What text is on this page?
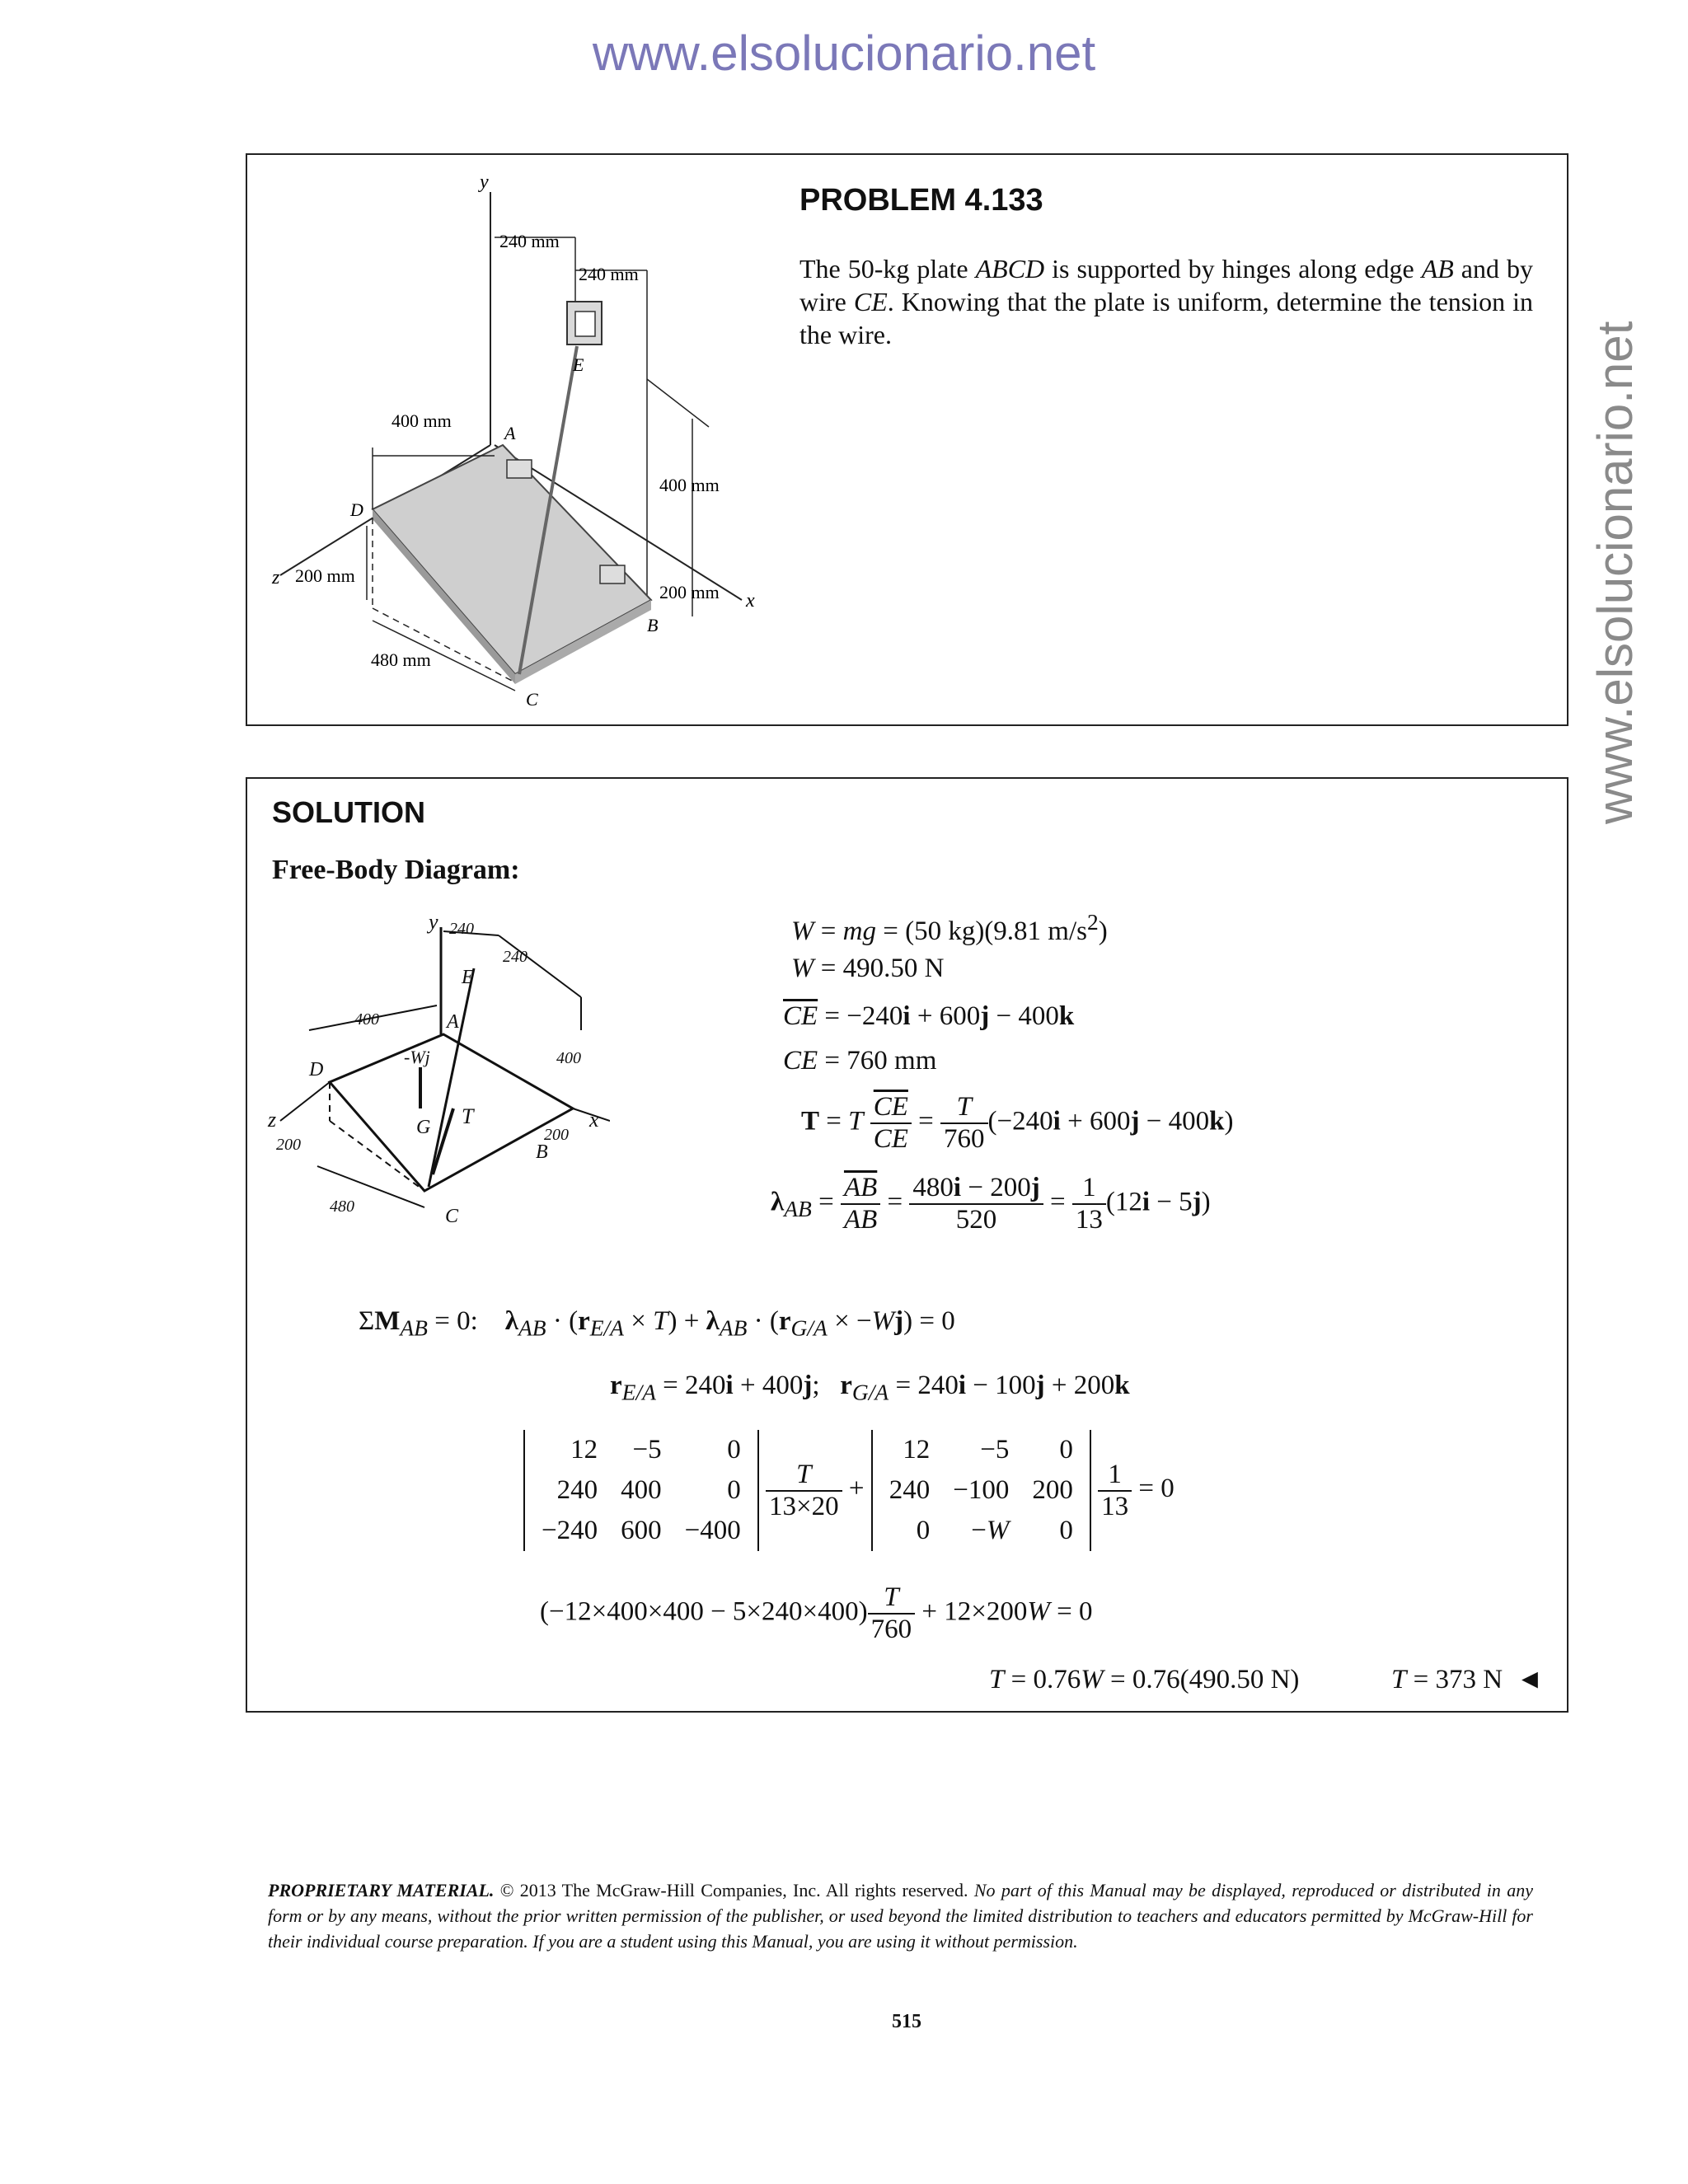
www.elsolucionario.net
www.elsolucionario.net
y
x
z
240 mm
240 mm
400 mm
400 mm
200 mm
200 mm
480 mm
A
B
C
D
E
PROBLEM 4.133
The 50-kg plate ABCD is supported by hinges along edge AB and by wire CE. Knowing that the plate is uniform, determine the tension in the wire.
SOLUTION
Free-Body Diagram:
y
x
z
A
B
C
D
E
G T
-Wj
240
240
400
400
200
200
480
W = mg = (50 kg)(9.81 $m/s^2$)
W = 490.50 N
$\overline{CE} = -240i + 600j - 400k$
CE = 760 mm
T = T $\frac{\overline{CE}}{CE} = \frac{T}{760} (-240i + 600j - 400k)$
$\lambda_{AB} = \frac{\overline{AB}}{AB} = \frac{480i - 200j}{520} = \frac{1}{13} (12i - 5j)$
$\Sigma M_{AB} = 0$:    $\lambda_{AB} \cdot (r_{E/A} \times T) + \lambda_{AB} \cdot (r_{G/A} \times -Wj) = 0$
$r_{E/A} = 240i + 400j$;   $r_{G/A} = 240i - 100j + 200k$
12	−5	0
240	400	0
−240	600	−400

$\frac{T}{13\times 20}$ +
12	−5	0
240	−100	200
0	−W	0

$\frac{1}{13} = 0$
$(-12\times 400\times 400 - 5\times 240\times 400) \frac{T}{760} + 12\times 200W = 0$
T = 0.76W = 0.76(490.50 N)	T = 373 N  ◄
PROPRIETARY MATERIAL. © 2013 The McGraw-Hill Companies, Inc. All rights reserved. No part of this Manual may be displayed, reproduced or distributed in any form or by any means, without the prior written permission of the publisher, or used beyond the limited distribution to teachers and educators permitted by McGraw-Hill for their individual course preparation. If you are a student using this Manual, you are using it without permission.
515
